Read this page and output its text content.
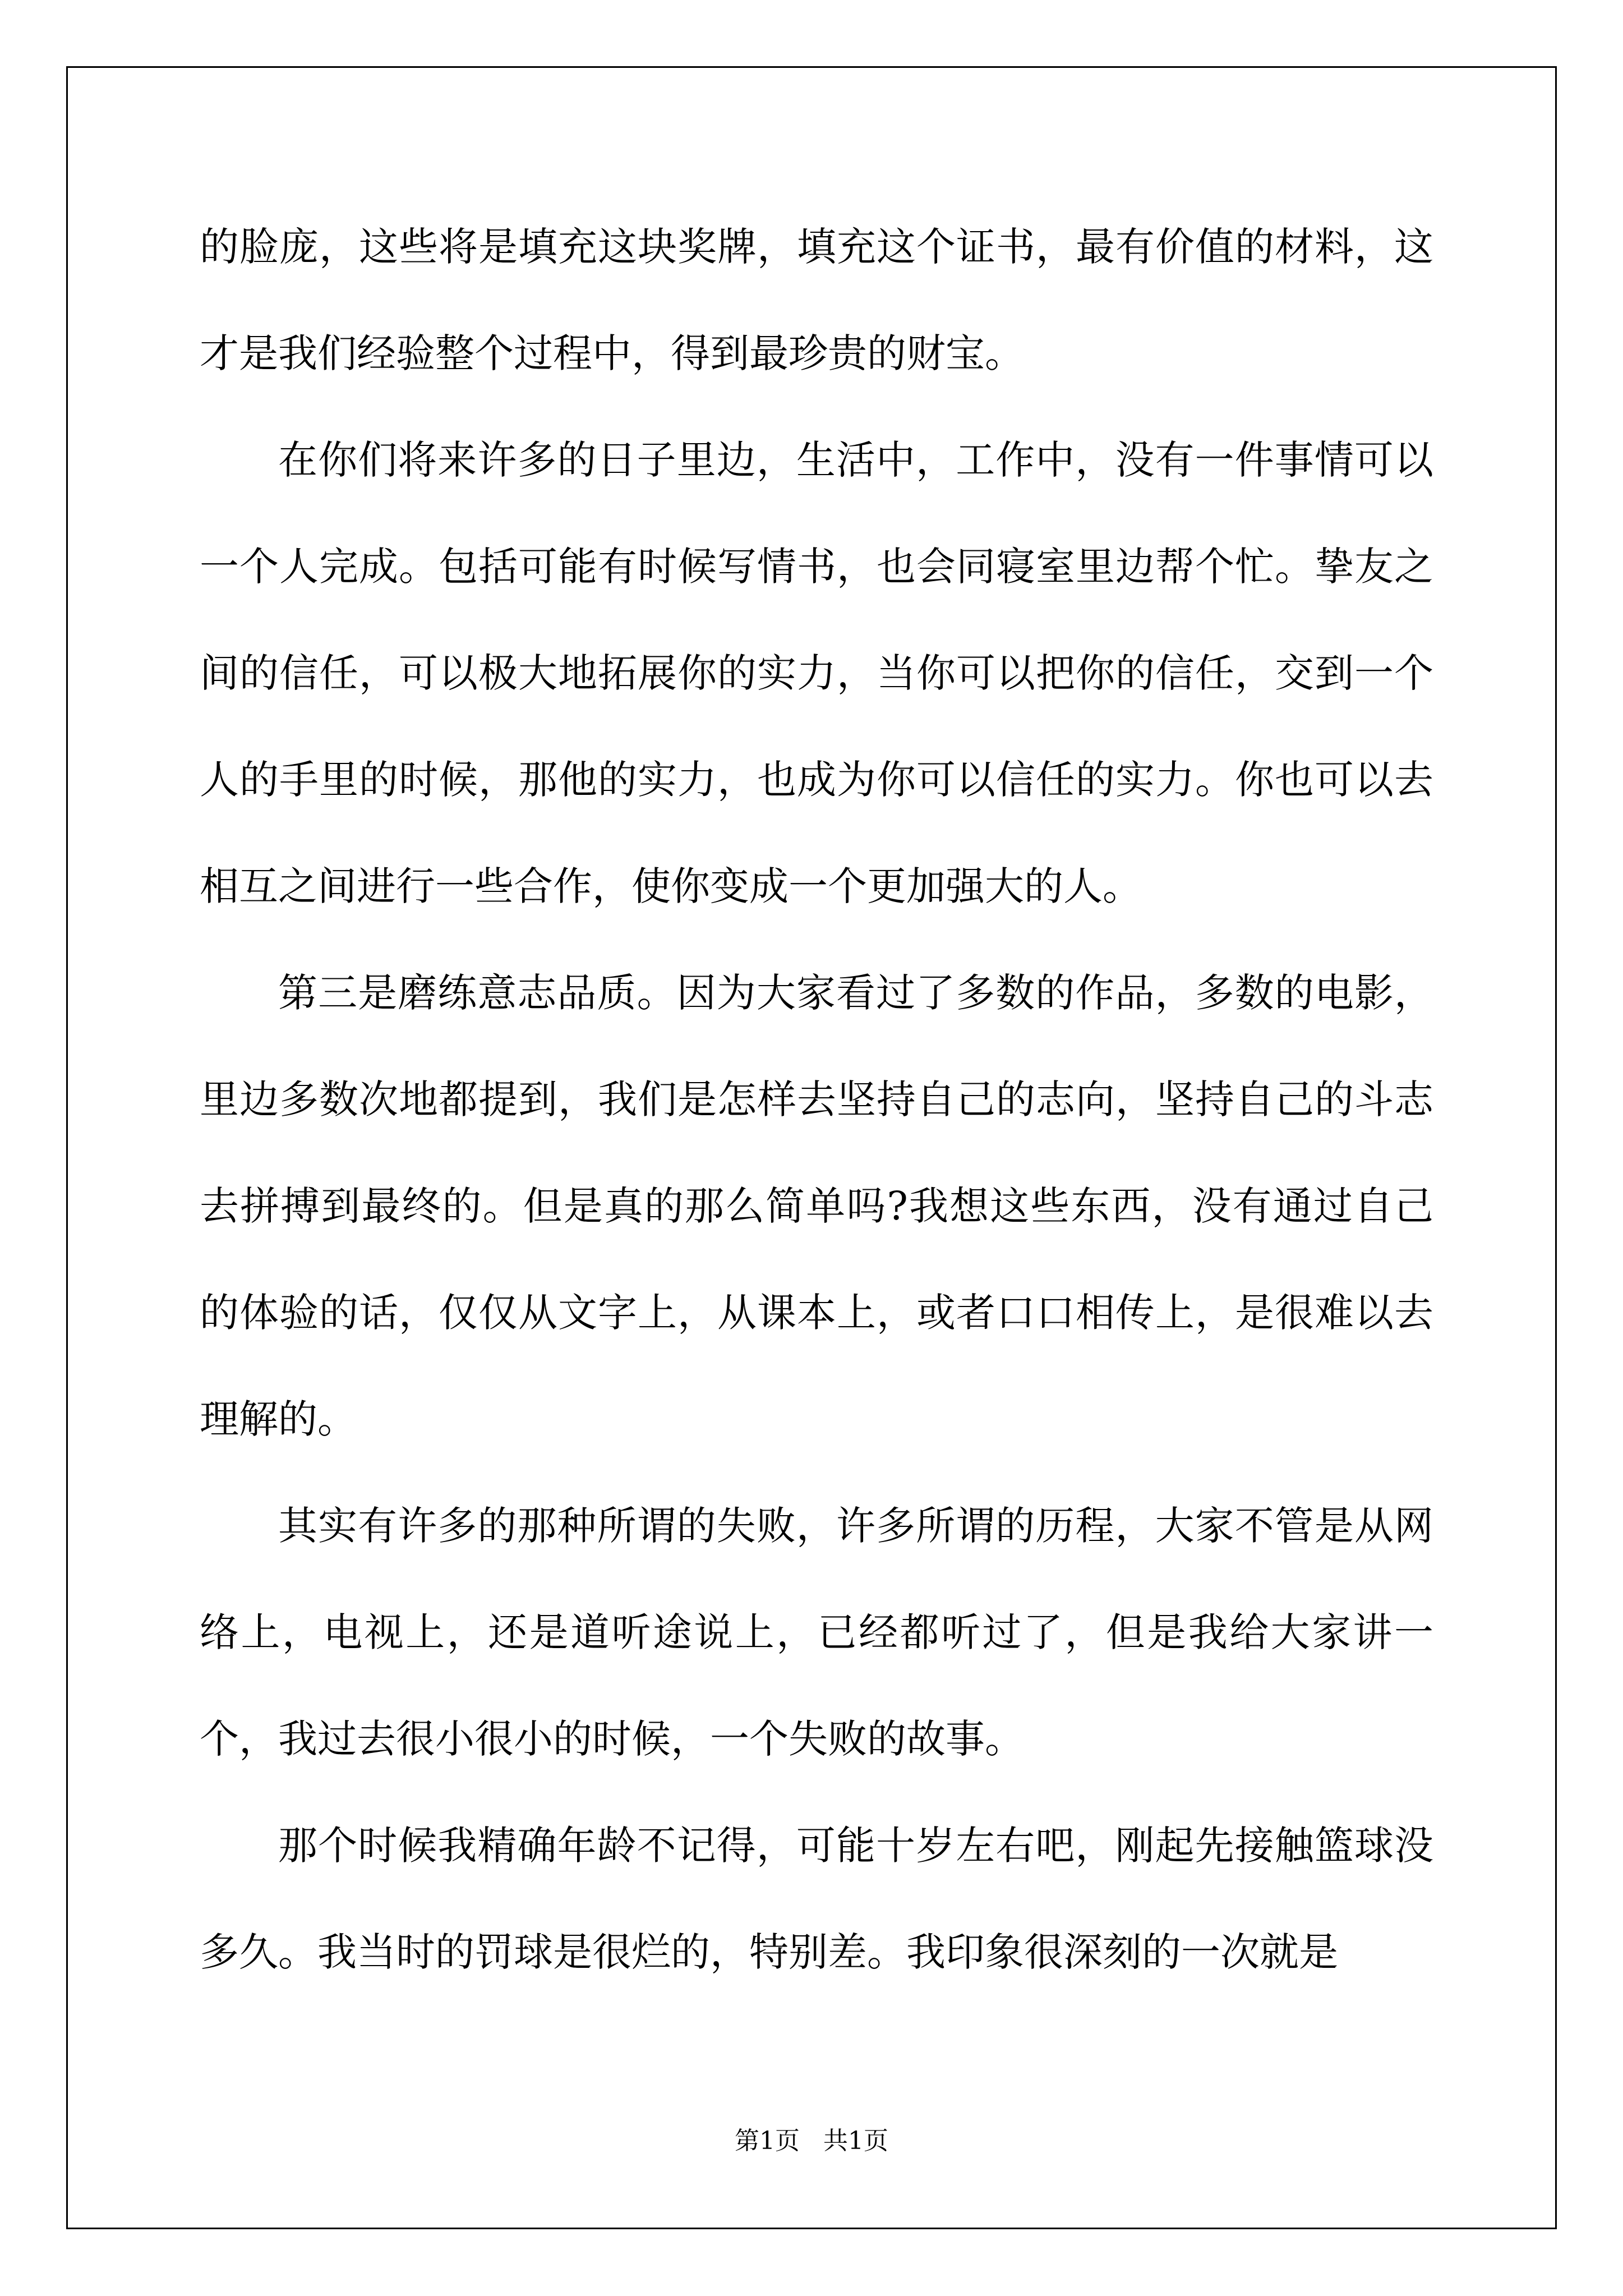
的脸庞，这些将是填充这块奖牌，填充这个证书，最有价值的材料，这才是我们经验整个过程中，得到最珍贵的财宝。

在你们将来许多的日子里边，生活中，工作中，没有一件事情可以一个人完成。包括可能有时候写情书，也会同寝室里边帮个忙。挚友之间的信任，可以极大地拓展你的实力，当你可以把你的信任，交到一个人的手里的时候，那他的实力，也成为你可以信任的实力。你也可以去相互之间进行一些合作，使你变成一个更加强大的人。

第三是磨练意志品质。因为大家看过了多数的作品，多数的电影，里边多数次地都提到，我们是怎样去坚持自己的志向，坚持自己的斗志去拼搏到最终的。但是真的那么简单吗?我想这些东西，没有通过自己的体验的话，仅仅从文字上，从课本上，或者口口相传上，是很难以去理解的。

其实有许多的那种所谓的失败，许多所谓的历程，大家不管是从网络上，电视上，还是道听途说上，已经都听过了，但是我给大家讲一个，我过去很小很小的时候，一个失败的故事。

那个时候我精确年龄不记得，可能十岁左右吧，刚起先接触篮球没多久。我当时的罚球是很烂的，特别差。我印象很深刻的一次就是

第1页   共1页
